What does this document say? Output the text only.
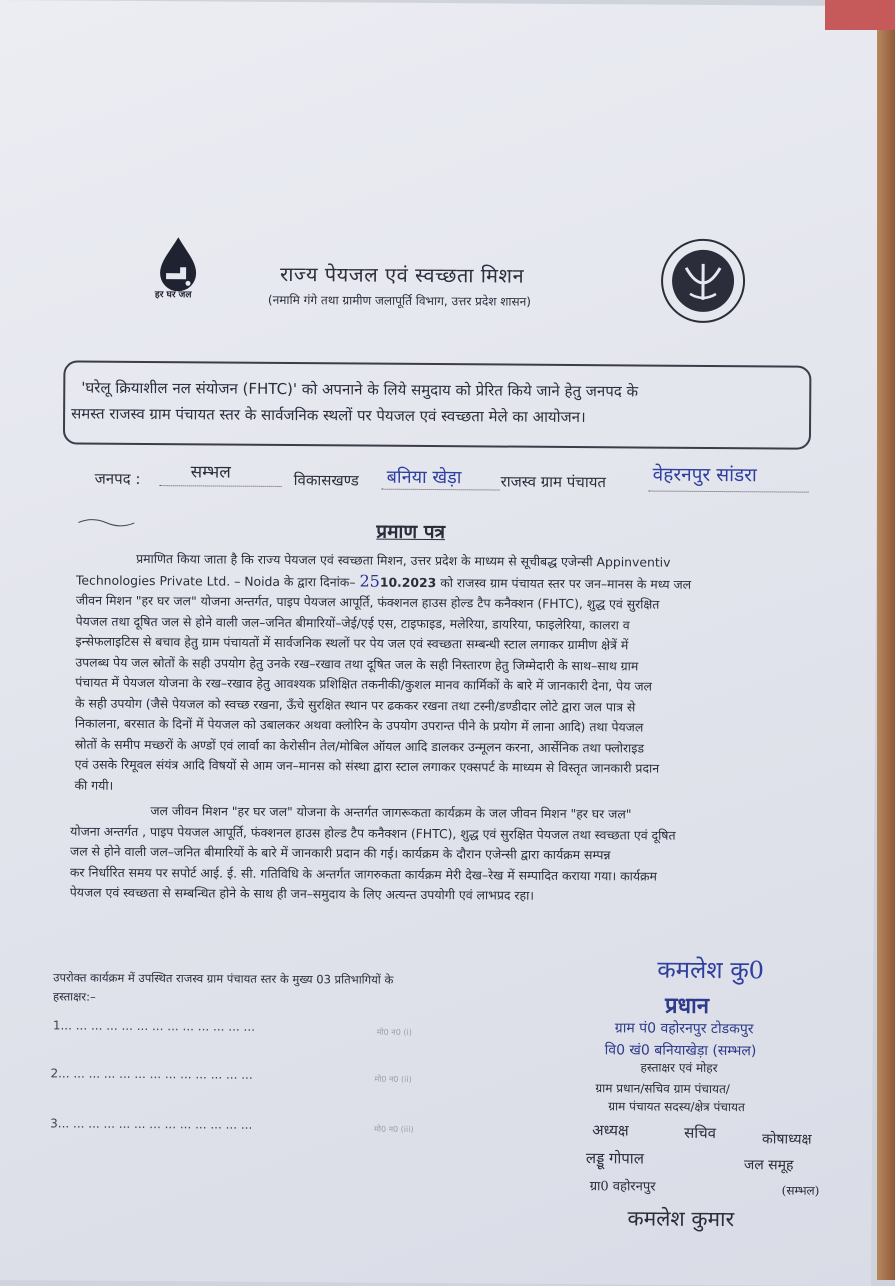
हर घर जल
राज्य पेयजल एवं स्वच्छता मिशन
(नमामि गंगे तथा ग्रामीण जलापूर्ति विभाग, उत्तर प्रदेश शासन)
'घरेलू क्रियाशील नल संयोजन (FHTC)' को अपनाने के लिये समुदाय को प्रेरित किये जाने हेतु जनपद के
समस्त राजस्व ग्राम पंचायत स्तर के सार्वजनिक स्थलों पर पेयजल एवं स्वच्छता मेले का आयोजन।
जनपद :	सम्भल	विकासखण्ड बनिया खेड़ा	राजस्व ग्राम पंचायत वेहरनपुर सांडरा
प्रमाण पत्र
प्रमाणित किया जाता है कि राज्य पेयजल एवं स्वच्छता मिशन, उत्तर प्रदेश के माध्यम से सूचीबद्ध एजेन्सी Appinventiv
Technologies Private Ltd. – Noida के द्वारा दिनांक– 2510.2023 को राजस्व ग्राम पंचायत स्तर पर जन–मानस के मध्य जल
जीवन मिशन "हर घर जल" योजना अन्तर्गत, पाइप पेयजल आपूर्ति, फंक्शनल हाउस होल्ड टैप कनैक्शन (FHTC), शुद्ध एवं सुरक्षित
पेयजल तथा दूषित जल से होने वाली जल–जनित बीमारियों–जेई/एई एस, टाइफाइड, मलेरिया, डायरिया, फाइलेरिया, कालरा व
इन्सेफलाइटिस से बचाव हेतु ग्राम पंचायतों में सार्वजनिक स्थलों पर पेय जल एवं स्वच्छता सम्बन्धी स्टाल लगाकर ग्रामीण क्षेत्रें में
उपलब्ध पेय जल स्रोतों के सही उपयोग हेतु उनके रख–रखाव तथा दूषित जल के सही निस्तारण हेतु जिम्मेदारी के साथ–साथ ग्राम
पंचायत में पेयजल योजना के रख–रखाव हेतु आवश्यक प्रशिक्षित तकनीकी/कुशल मानव कार्मिकों के बारे में जानकारी देना, पेय जल
के सही उपयोग (जैसे पेयजल को स्वच्छ रखना, ऊँचे सुरक्षित स्थान पर ढककर रखना तथा टस्नी/डण्डीदार लोटे द्वारा जल पात्र से
निकालना, बरसात के दिनों में पेयजल को उबालकर अथवा क्लोरिन के उपयोग उपरान्त पीने के प्रयोग में लाना आदि) तथा पेयजल
स्रोतों के समीप मच्छरों के अण्डों एवं लार्वा का केरोसीन तेल/मोबिल ऑयल आदि डालकर उन्मूलन करना, आर्सेनिक तथा फ्लोराइड
एवं उसके रिमूवल संयंत्र आदि विषयों से आम जन–मानस को संस्था द्वारा स्टाल लगाकर एक्सपर्ट के माध्यम से विस्तृत जानकारी प्रदान
की गयी।
जल जीवन मिशन "हर घर जल" योजना के अन्तर्गत जागरूकता कार्यक्रम के जल जीवन मिशन "हर घर जल"
योजना अन्तर्गत , पाइप पेयजल आपूर्ति, फंक्शनल हाउस होल्ड टैप कनैक्शन (FHTC), शुद्ध एवं सुरक्षित पेयजल तथा स्वच्छता एवं दूषित
जल से होने वाली जल–जनित बीमारियों के बारे में जानकारी प्रदान की गई। कार्यक्रम के दौरान एजेन्सी द्वारा कार्यक्रम सम्पन्न
कर निर्धारित समय पर सपोर्ट आई. ई. सी. गतिविधि के अन्तर्गत जागरुकता कार्यक्रम मेरी देख–रेख में सम्पादित कराया गया। कार्यक्रम
पेयजल एवं स्वच्छता से सम्बन्धित होने के साथ ही जन–समुदाय के लिए अत्यन्त उपयोगी एवं लाभप्रद रहा।
उपरोक्त कार्यक्रम में उपस्थित राजस्व ग्राम पंचायत स्तर के मुख्य 03 प्रतिभागियों के
हस्ताक्षर:–
1... ... ... ... ... ... ... ... ... ... ... ... ...	मो0 न0 (i)
2... ... ... ... ... ... ... ... ... ... ... ... ...	मो0 न0 (ii)
3... ... ... ... ... ... ... ... ... ... ... ... ...	मो0 न0 (iii)
कमलेश कु0
प्रधान
ग्राम पं0 वहोरनपुर टोडकपुर
वि0 खं0 बनियाखेड़ा (सम्भल)
हस्ताक्षर एवं मोहर
ग्राम प्रधान/सचिव ग्राम पंचायत/
ग्राम पंचायत सदस्य/क्षेत्र पंचायत
अध्यक्ष	सचिव	कोषाध्यक्ष
लड्डू गोपाल	जल समूह
ग्रा0 वहोरनपुर	(सम्भल)
कमलेश कुमार
